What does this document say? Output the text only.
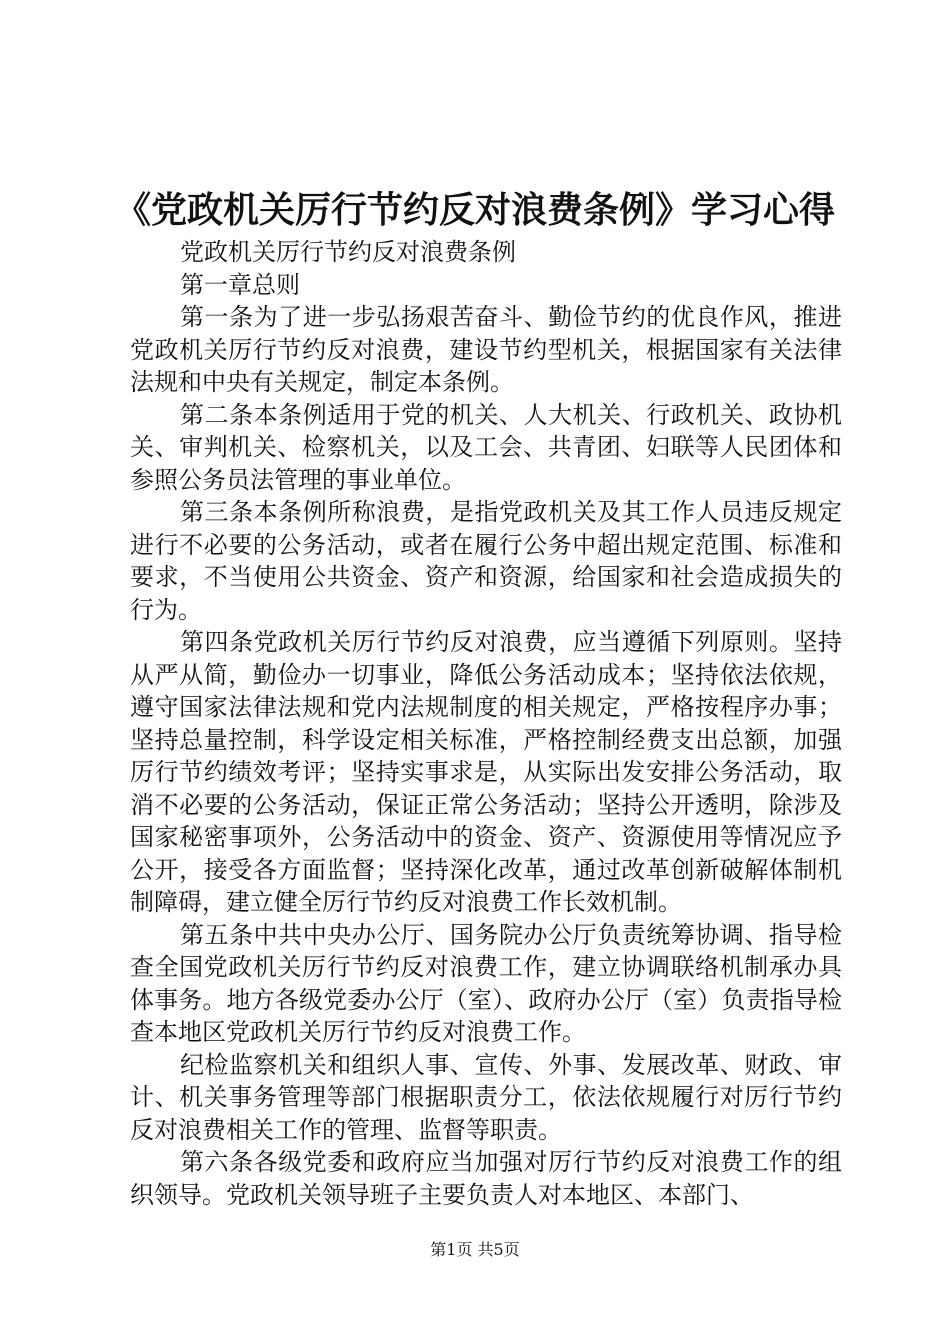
《党政机关厉行节约反对浪费条例》学习心得

党政机关厉行节约反对浪费条例

第一章总则

第一条为了进一步弘扬艰苦奋斗、勤俭节约的优良作风，推进党政机关厉行节约反对浪费，建设节约型机关，根据国家有关法律法规和中央有关规定，制定本条例。

第二条本条例适用于党的机关、人大机关、行政机关、政协机关、审判机关、检察机关，以及工会、共青团、妇联等人民团体和参照公务员法管理的事业单位。

第三条本条例所称浪费，是指党政机关及其工作人员违反规定进行不必要的公务活动，或者在履行公务中超出规定范围、标准和要求，不当使用公共资金、资产和资源，给国家和社会造成损失的行为。

第四条党政机关厉行节约反对浪费，应当遵循下列原则。坚持从严从简，勤俭办一切事业，降低公务活动成本；坚持依法依规，遵守国家法律法规和党内法规制度的相关规定，严格按程序办事；坚持总量控制，科学设定相关标准，严格控制经费支出总额，加强厉行节约绩效考评；坚持实事求是，从实际出发安排公务活动，取消不必要的公务活动，保证正常公务活动；坚持公开透明，除涉及国家秘密事项外，公务活动中的资金、资产、资源使用等情况应予公开，接受各方面监督；坚持深化改革，通过改革创新破解体制机制障碍，建立健全厉行节约反对浪费工作长效机制。

第五条中共中央办公厅、国务院办公厅负责统筹协调、指导检查全国党政机关厉行节约反对浪费工作，建立协调联络机制承办具体事务。地方各级党委办公厅（室）、政府办公厅（室）负责指导检查本地区党政机关厉行节约反对浪费工作。

纪检监察机关和组织人事、宣传、外事、发展改革、财政、审计、机关事务管理等部门根据职责分工，依法依规履行对厉行节约反对浪费相关工作的管理、监督等职责。

第六条各级党委和政府应当加强对厉行节约反对浪费工作的组织领导。党政机关领导班子主要负责人对本地区、本部门、

第1页 共5页
